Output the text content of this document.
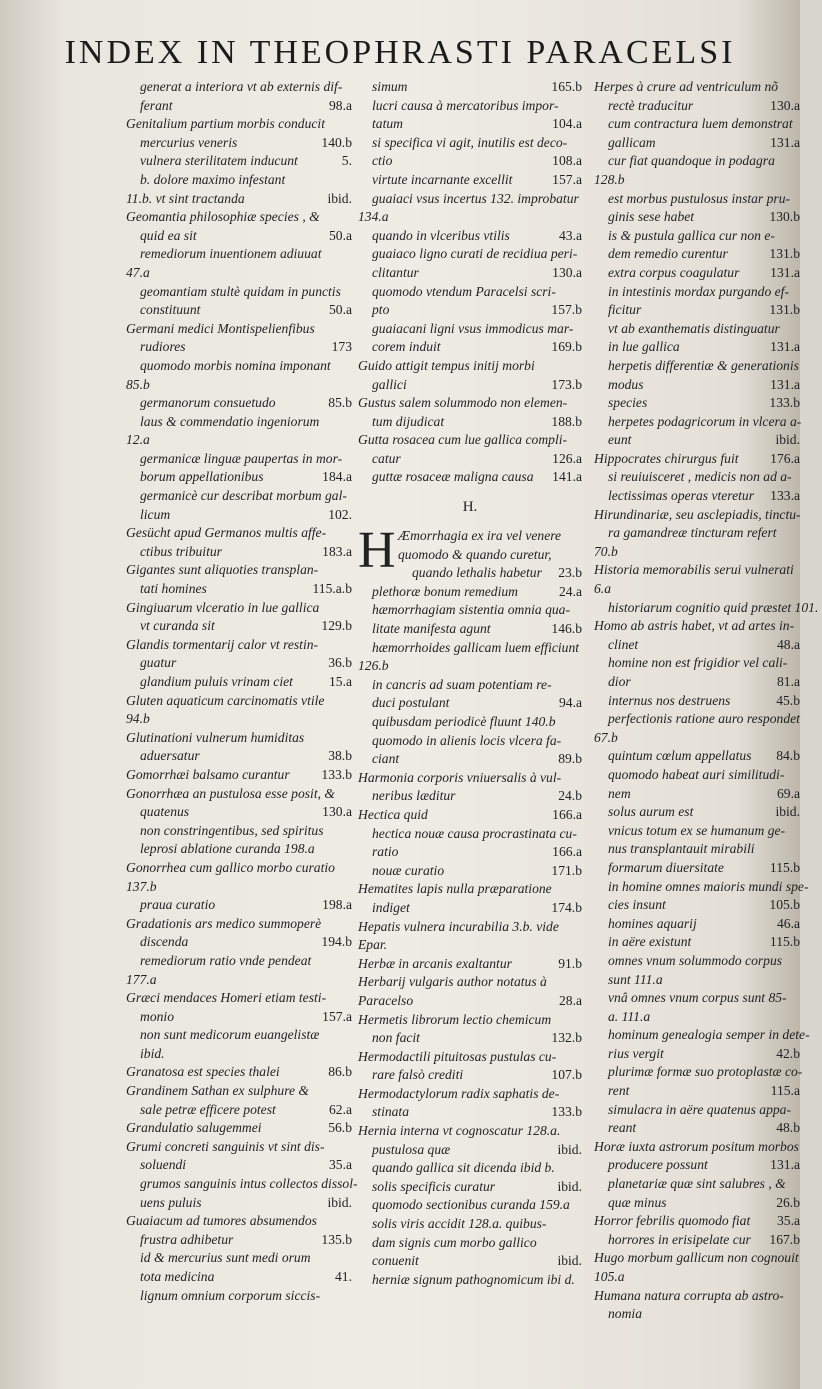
INDEX IN THEOPHRASTI PARACELSI
generat a interiora vt ab externis dif-
ferant	98.a
Genitalium partium morbis conducit
mercurius veneris	140.b
vulnera sterilitatem inducunt	5.
b. dolore maximo infestant
11.b. vt sint tractanda	ibid.
Geomantia philosophiæ species , &
quid ea sit	50.a
remediorum inuentionem adiuuat
47.a
geomantiam stultè quidam in punctis
constituunt	50.a
Germani medici Montispelienfibus
rudiores	173
quomodo morbis nomina imponant
85.b
germanorum consuetudo	85.b
laus & commendatio ingeniorum
12.a
germanicæ linguæ paupertas in mor-
borum appellationibus	184.a
germanicè cur describat morbum gal-
licum	102.
Gesücht apud Germanos multis affe-
ctibus tribuitur	183.a
Gigantes sunt aliquoties transplan-
tati homines	115.a.b
Gingiuarum vlceratio in lue gallica
vt curanda sit	129.b
Glandis tormentarij calor vt restin-
guatur	36.b
glandium puluis vrinam ciet	15.a
Gluten aquaticum carcinomatis vtile
94.b
Glutinationi vulnerum humiditas
aduersatur	38.b
Gomorrhæi balsamo curantur 133.b
Gonorrhæa an pustulosa esse posit, &
quatenus	130.a
non constringentibus, sed spiritus
leprosi ablatione curanda 198.a
Gonorrhea cum gallico morbo curatio
137.b
praua curatio	198.a
Gradationis ars medico summoperè
discenda	194.b
remediorum ratio vnde pendeat
177.a
Græci mendaces Homeri etiam testi-
monio	157.a
non sunt medicorum euangelistæ
ibid.
Granatosa est species thalei	86.b
Grandinem Sathan ex sulphure &
sale petræ efficere potest	62.a
Grandulatio salugemmei	56.b
Grumi concreti sanguinis vt sint dis-
soluendi	35.a
grumos sanguinis intus collectos dissol-
uens puluis	ibid.
Guaiacum ad tumores absumendos
frustra adhibetur	135.b
id & mercurius sunt medi orum
tota medicina	41.
lignum omnium corporum siccis-
simum	165.b
lucri causa à mercatoribus impor-
tatum	104.a
si specifica vi agit, inutilis est deco-
ctio	108.a
virtute incarnante excellit	157.a
guaiaci vsus incertus 132. improbatur
134.a
quando in vlceribus vtilis	43.a
guaiaco ligno curati de recidiua peri-
clitantur	130.a
quomodo vtendum Paracelsi scri-
pto	157.b
guaiacani ligni vsus immodicus mar-
corem induit	169.b
Guido attigit tempus initij morbi
gallici	173.b
Gustus salem solummodo non elemen-
tum dijudicat	188.b
Gutta rosacea cum lue gallica compli-
catur	126.a
guttæ rosaceæ maligna causa 141.a
H.
H Æmorrhagia ex ira vel venere
quomodo & quando curetur,
quando lethalis habetur 23.b
plethoræ bonum remedium	24.a
hæmorrhagiam sistentia omnia qua-
litate manifesta agunt	146.b
hæmorrhoides gallicam luem efficiunt
126.b
in cancris ad suam potentiam re-
duci postulant	94.a
quibusdam periodicè fluunt 140.b
quomodo in alienis locis vlcera fa-
ciant	89.b
Harmonia corporis vniuersalis à vul-
neribus læditur	24.b
Hectica quid	166.a
hectica nouæ causa procrastinata cu-
ratio	166.a
nouæ curatio	171.b
Hematites lapis nulla præparatione
indiget	174.b
Hepatis vulnera incurabilia 3.b. vide
Epar.
Herbæ in arcanis exaltantur	91.b
Herbarij vulgaris author notatus à
Paracelso	28.a
Hermetis librorum lectio chemicum
non facit	132.b
Hermodactili pituitosas pustulas cu-
rare falsò crediti	107.b
Hermodactylorum radix saphatis de-
stinata	133.b
Hernia interna vt cognoscatur 128.a.
pustulosa quæ	ibid.
quando gallica sit dicenda ibid b.
solis specificis curatur	ibid.
quomodo sectionibus curanda 159.a
solis viris accidit 128.a. quibus-
dam signis cum morbo gallico
conuenit	ibid.
herniæ signum pathognomicum ibi d.
Herpes à crure ad ventriculum nõ
rectè traducitur	130.a
cum contractura luem demonstrat
gallicam	131.a
cur fiat quandoque in podagra
128.b
est morbus pustulosus instar pru-
ginis sese habet	130.b
is & pustula gallica cur non e-
dem remedio curentur	131.b
extra corpus coagulatur 131.a
in intestinis mordax purgando ef-
ficitur	131.b
vt ab exanthematis distinguatur
in lue gallica	131.a
herpetis differentiæ & generationis
modus	131.a
species	133.b
herpetes podagricorum in vlcera a-
eunt	ibid.
Hippocrates chirurgus fuit 176.a
si reuiuisceret , medicis non ad a-
lectissimas operas vteretur 133.a
Hirundinariæ, seu asclepiadis, tinctu-
ra gamandreæ tincturam refert
70.b
Historia memorabilis serui vulnerati
6.a
historiarum cognitio quid præstet 101.
Homo ab astris habet, vt ad artes in-
clinet	48.a
homine non est frigidior vel cali-
dior	81.a
internus nos destruens	45.b
perfectionis ratione auro respondet
67.b
quintum cœlum appellatus 84.b
quomodo habeat auri similitudi-
nem	69.a
solus aurum est	ibid.
vnicus totum ex se humanum ge-
nus transplantauit mirabili
formarum diuersitate	115.b
in homine omnes maioris mundi spe-
cies insunt	105.b
homines aquarij	46.a
in aëre existunt	115.b
omnes vnum solummodo corpus
sunt 111.a
vnâ omnes vnum corpus sunt 85-
a. 111.a
hominum genealogia semper in dete-
rius vergit	42.b
plurimæ formæ suo protoplastæ co-
rent	115.a
simulacra in aëre quatenus appa-
reant	48.b
Horæ iuxta astrorum positum morbos
producere possunt	131.a
planetariæ quæ sint salubres , &
quæ minus	26.b
Horror febrilis quomodo fiat 35.a
horrores in erisipelate cur 167.b
Hugo morbum gallicum non cognouit
105.a
Humana natura corrupta ab astro-
nomia
